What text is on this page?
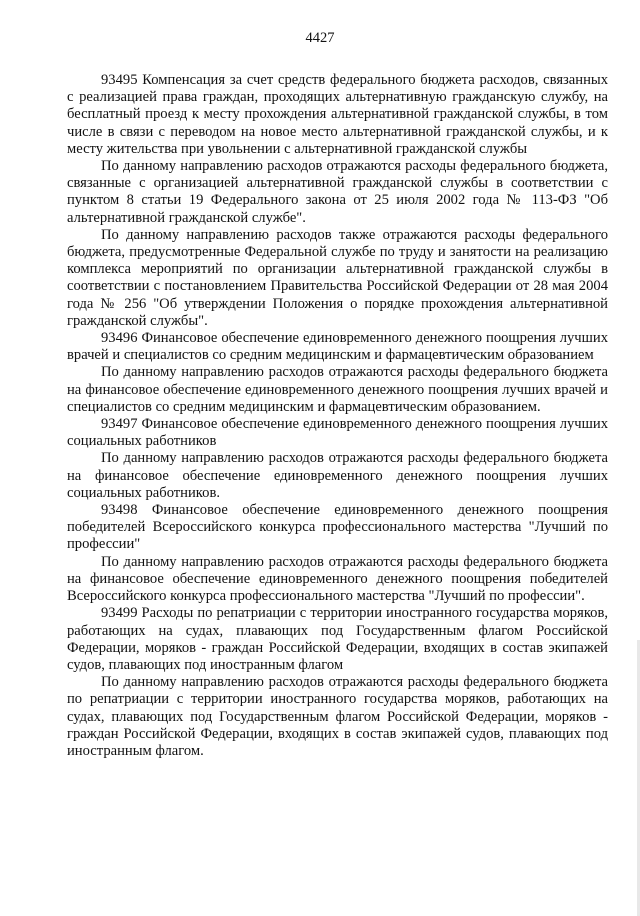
4427

93495 Компенсация за счет средств федерального бюджета расходов, связанных с реализацией права граждан, проходящих альтернативную гражданскую службу, на бесплатный проезд к месту прохождения альтернативной гражданской службы, в том числе в связи с переводом на новое место альтернативной гражданской службы, и к месту жительства при увольнении с альтернативной гражданской службы

По данному направлению расходов отражаются расходы федерального бюджета, связанные с организацией альтернативной гражданской службы в соответствии с пунктом 8 статьи 19 Федерального закона от 25 июля 2002 года № 113-ФЗ "Об альтернативной гражданской службе".

По данному направлению расходов также отражаются расходы федерального бюджета, предусмотренные Федеральной службе по труду и занятости на реализацию комплекса мероприятий по организации альтернативной гражданской службы в соответствии с постановлением Правительства Российской Федерации от 28 мая 2004 года № 256 "Об утверждении Положения о порядке прохождения альтернативной гражданской службы".

93496 Финансовое обеспечение единовременного денежного поощрения лучших врачей и специалистов со средним медицинским и фармацевтическим образованием

По данному направлению расходов отражаются расходы федерального бюджета на финансовое обеспечение единовременного денежного поощрения лучших врачей и специалистов со средним медицинским и фармацевтическим образованием.

93497 Финансовое обеспечение единовременного денежного поощрения лучших социальных работников

По данному направлению расходов отражаются расходы федерального бюджета на финансовое обеспечение единовременного денежного поощрения лучших социальных работников.

93498 Финансовое обеспечение единовременного денежного поощрения победителей Всероссийского конкурса профессионального мастерства "Лучший по профессии"

По данному направлению расходов отражаются расходы федерального бюджета на финансовое обеспечение единовременного денежного поощрения победителей Всероссийского конкурса профессионального мастерства "Лучший по профессии".

93499 Расходы по репатриации с территории иностранного государства моряков, работающих на судах, плавающих под Государственным флагом Российской Федерации, моряков - граждан Российской Федерации, входящих в состав экипажей судов, плавающих под иностранным флагом

По данному направлению расходов отражаются расходы федерального бюджета по репатриации с территории иностранного государства моряков, работающих на судах, плавающих под Государственным флагом Российской Федерации, моряков - граждан Российской Федерации, входящих в состав экипажей судов, плавающих под иностранным флагом.
